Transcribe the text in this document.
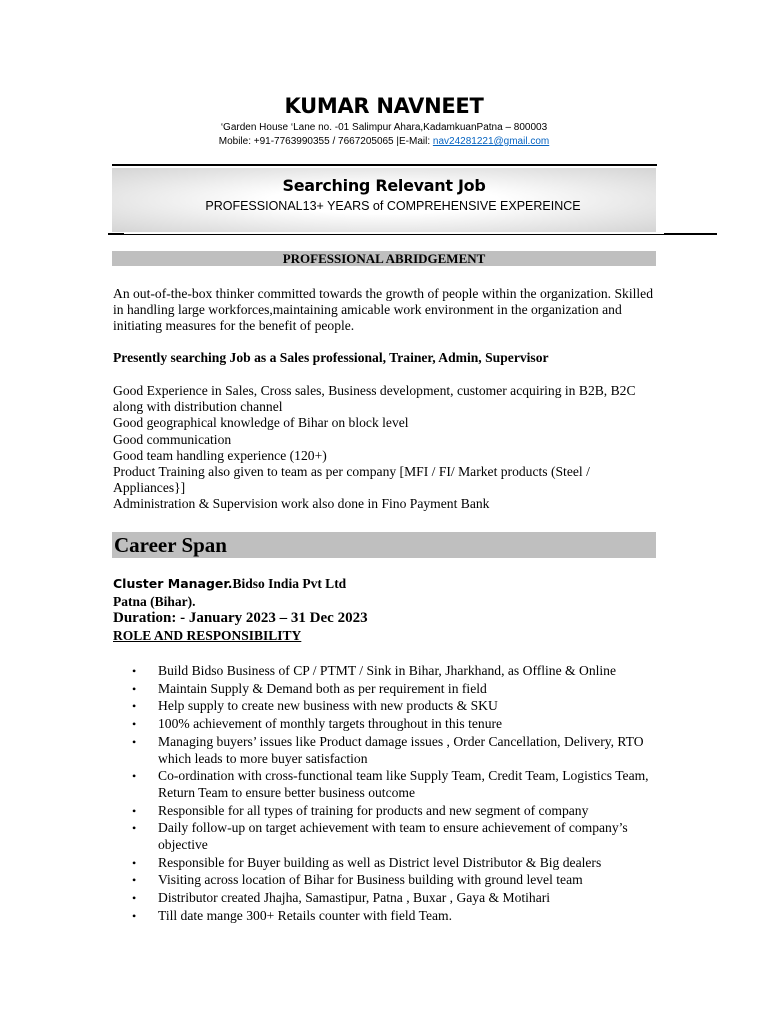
KUMAR NAVNEET
‘Garden House ‘Lane no. -01 Salimpur Ahara,KadamkuanPatna – 800003
Mobile: +91-7763990355 / 7667205065 |E-Mail: nav24281221@gmail.com
Searching Relevant Job
PROFESSIONAL13+ YEARS of COMPREHENSIVE EXPEREINCE
PROFESSIONAL ABRIDGEMENT
An out-of-the-box thinker committed towards the growth of people within the organization. Skilled in handling large workforces,maintaining amicable work environment in the organization and initiating measures for the benefit of people.
Presently searching Job as a Sales professional, Trainer, Admin, Supervisor
Good Experience in Sales, Cross sales, Business development, customer acquiring in B2B, B2C along with distribution channel
Good geographical knowledge of Bihar on block level
Good communication
Good team handling experience (120+)
Product Training also given to team as per company [MFI / FI/ Market products (Steel / Appliances}]
Administration & Supervision work also done in Fino Payment Bank
Career Span
Cluster Manager.Bidso India Pvt Ltd
Patna (Bihar).
Duration: - January 2023 – 31 Dec 2023
ROLE AND RESPONSIBILITY
• Build Bidso Business of CP / PTMT / Sink in Bihar, Jharkhand, as Offline & Online
• Maintain Supply & Demand both as per requirement in field
• Help supply to create new business with new products & SKU
• 100% achievement of monthly targets throughout in this tenure
• Managing buyers’ issues like Product damage issues , Order Cancellation, Delivery, RTO which leads to more buyer satisfaction
• Co-ordination with cross-functional team like Supply Team, Credit Team, Logistics Team, Return Team to ensure better business outcome
• Responsible for all types of training for products and new segment of company
• Daily follow-up on target achievement with team to ensure achievement of company’s objective
• Responsible for Buyer building as well as District level Distributor & Big dealers
• Visiting across location of Bihar for Business building with ground level team
• Distributor created Jhajha, Samastipur, Patna , Buxar , Gaya & Motihari
• Till date mange 300+ Retails counter with field Team.
